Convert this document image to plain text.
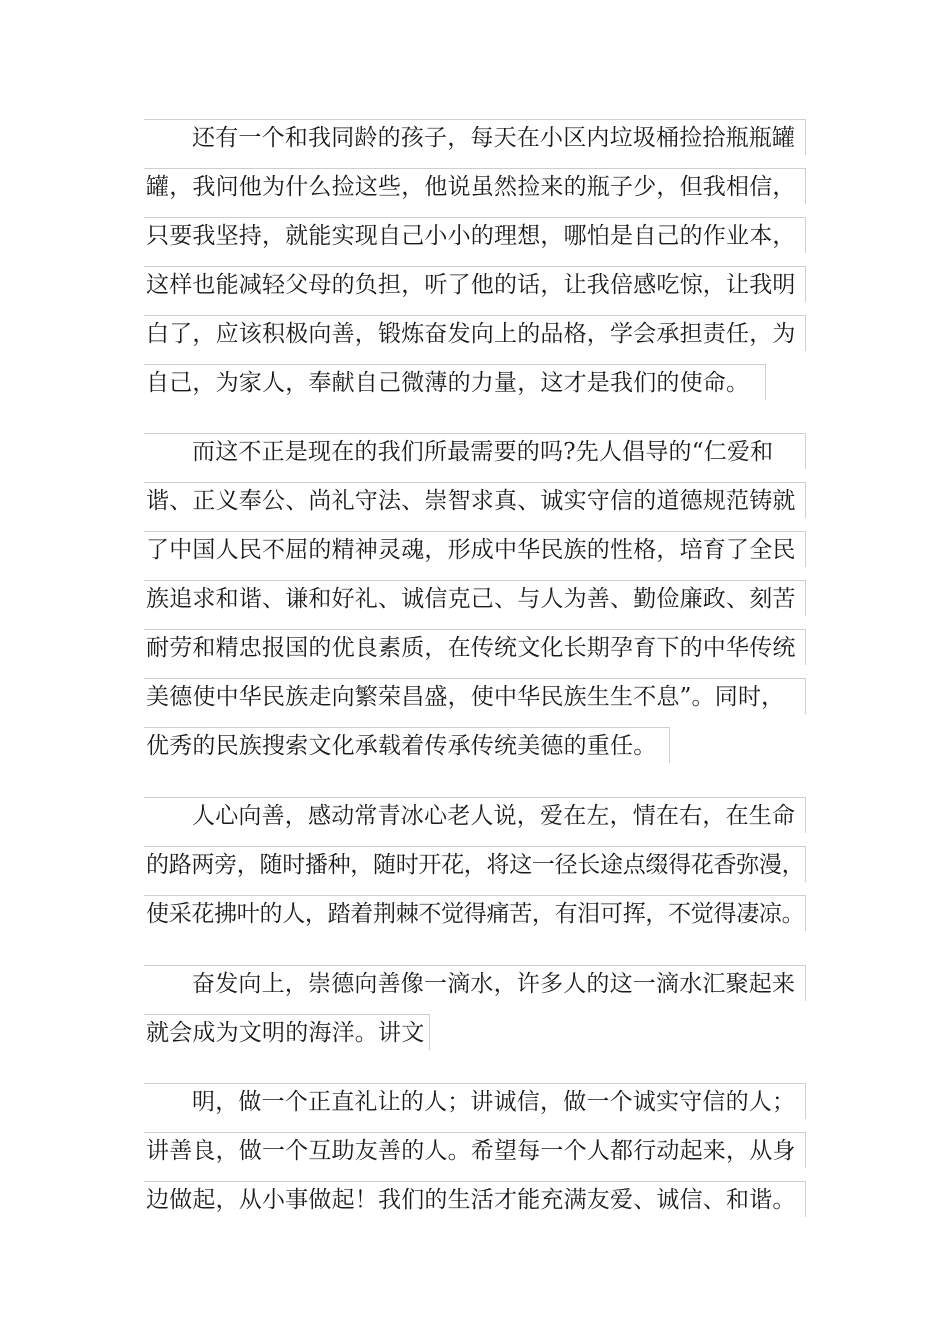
还有一个和我同龄的孩子，每天在小区内垃圾桶捡拾瓶瓶罐
罐，我问他为什么捡这些，他说虽然捡来的瓶子少，但我相信，
只要我坚持，就能实现自己小小的理想，哪怕是自己的作业本，
这样也能减轻父母的负担，听了他的话，让我倍感吃惊，让我明
白了，应该积极向善，锻炼奋发向上的品格，学会承担责任，为
自己，为家人，奉献自己微薄的力量，这才是我们的使命。
而这不正是现在的我们所最需要的吗?先人倡导的“仁爱和
谐、正义奉公、尚礼守法、崇智求真、诚实守信的道德规范铸就
了中国人民不屈的精神灵魂，形成中华民族的性格，培育了全民
族追求和谐、谦和好礼、诚信克己、与人为善、勤俭廉政、刻苦
耐劳和精忠报国的优良素质，在传统文化长期孕育下的中华传统
美德使中华民族走向繁荣昌盛，使中华民族生生不息”。同时，
优秀的民族搜索文化承载着传承传统美德的重任。
人心向善，感动常青冰心老人说，爱在左，情在右，在生命
的路两旁，随时播种，随时开花，将这一径长途点缀得花香弥漫，
使采花拂叶的人，踏着荆棘不觉得痛苦，有泪可挥，不觉得凄凉。
奋发向上，崇德向善像一滴水，许多人的这一滴水汇聚起来
就会成为文明的海洋。讲文
明，做一个正直礼让的人；讲诚信，做一个诚实守信的人；
讲善良，做一个互助友善的人。希望每一个人都行动起来，从身
边做起，从小事做起！我们的生活才能充满友爱、诚信、和谐。
